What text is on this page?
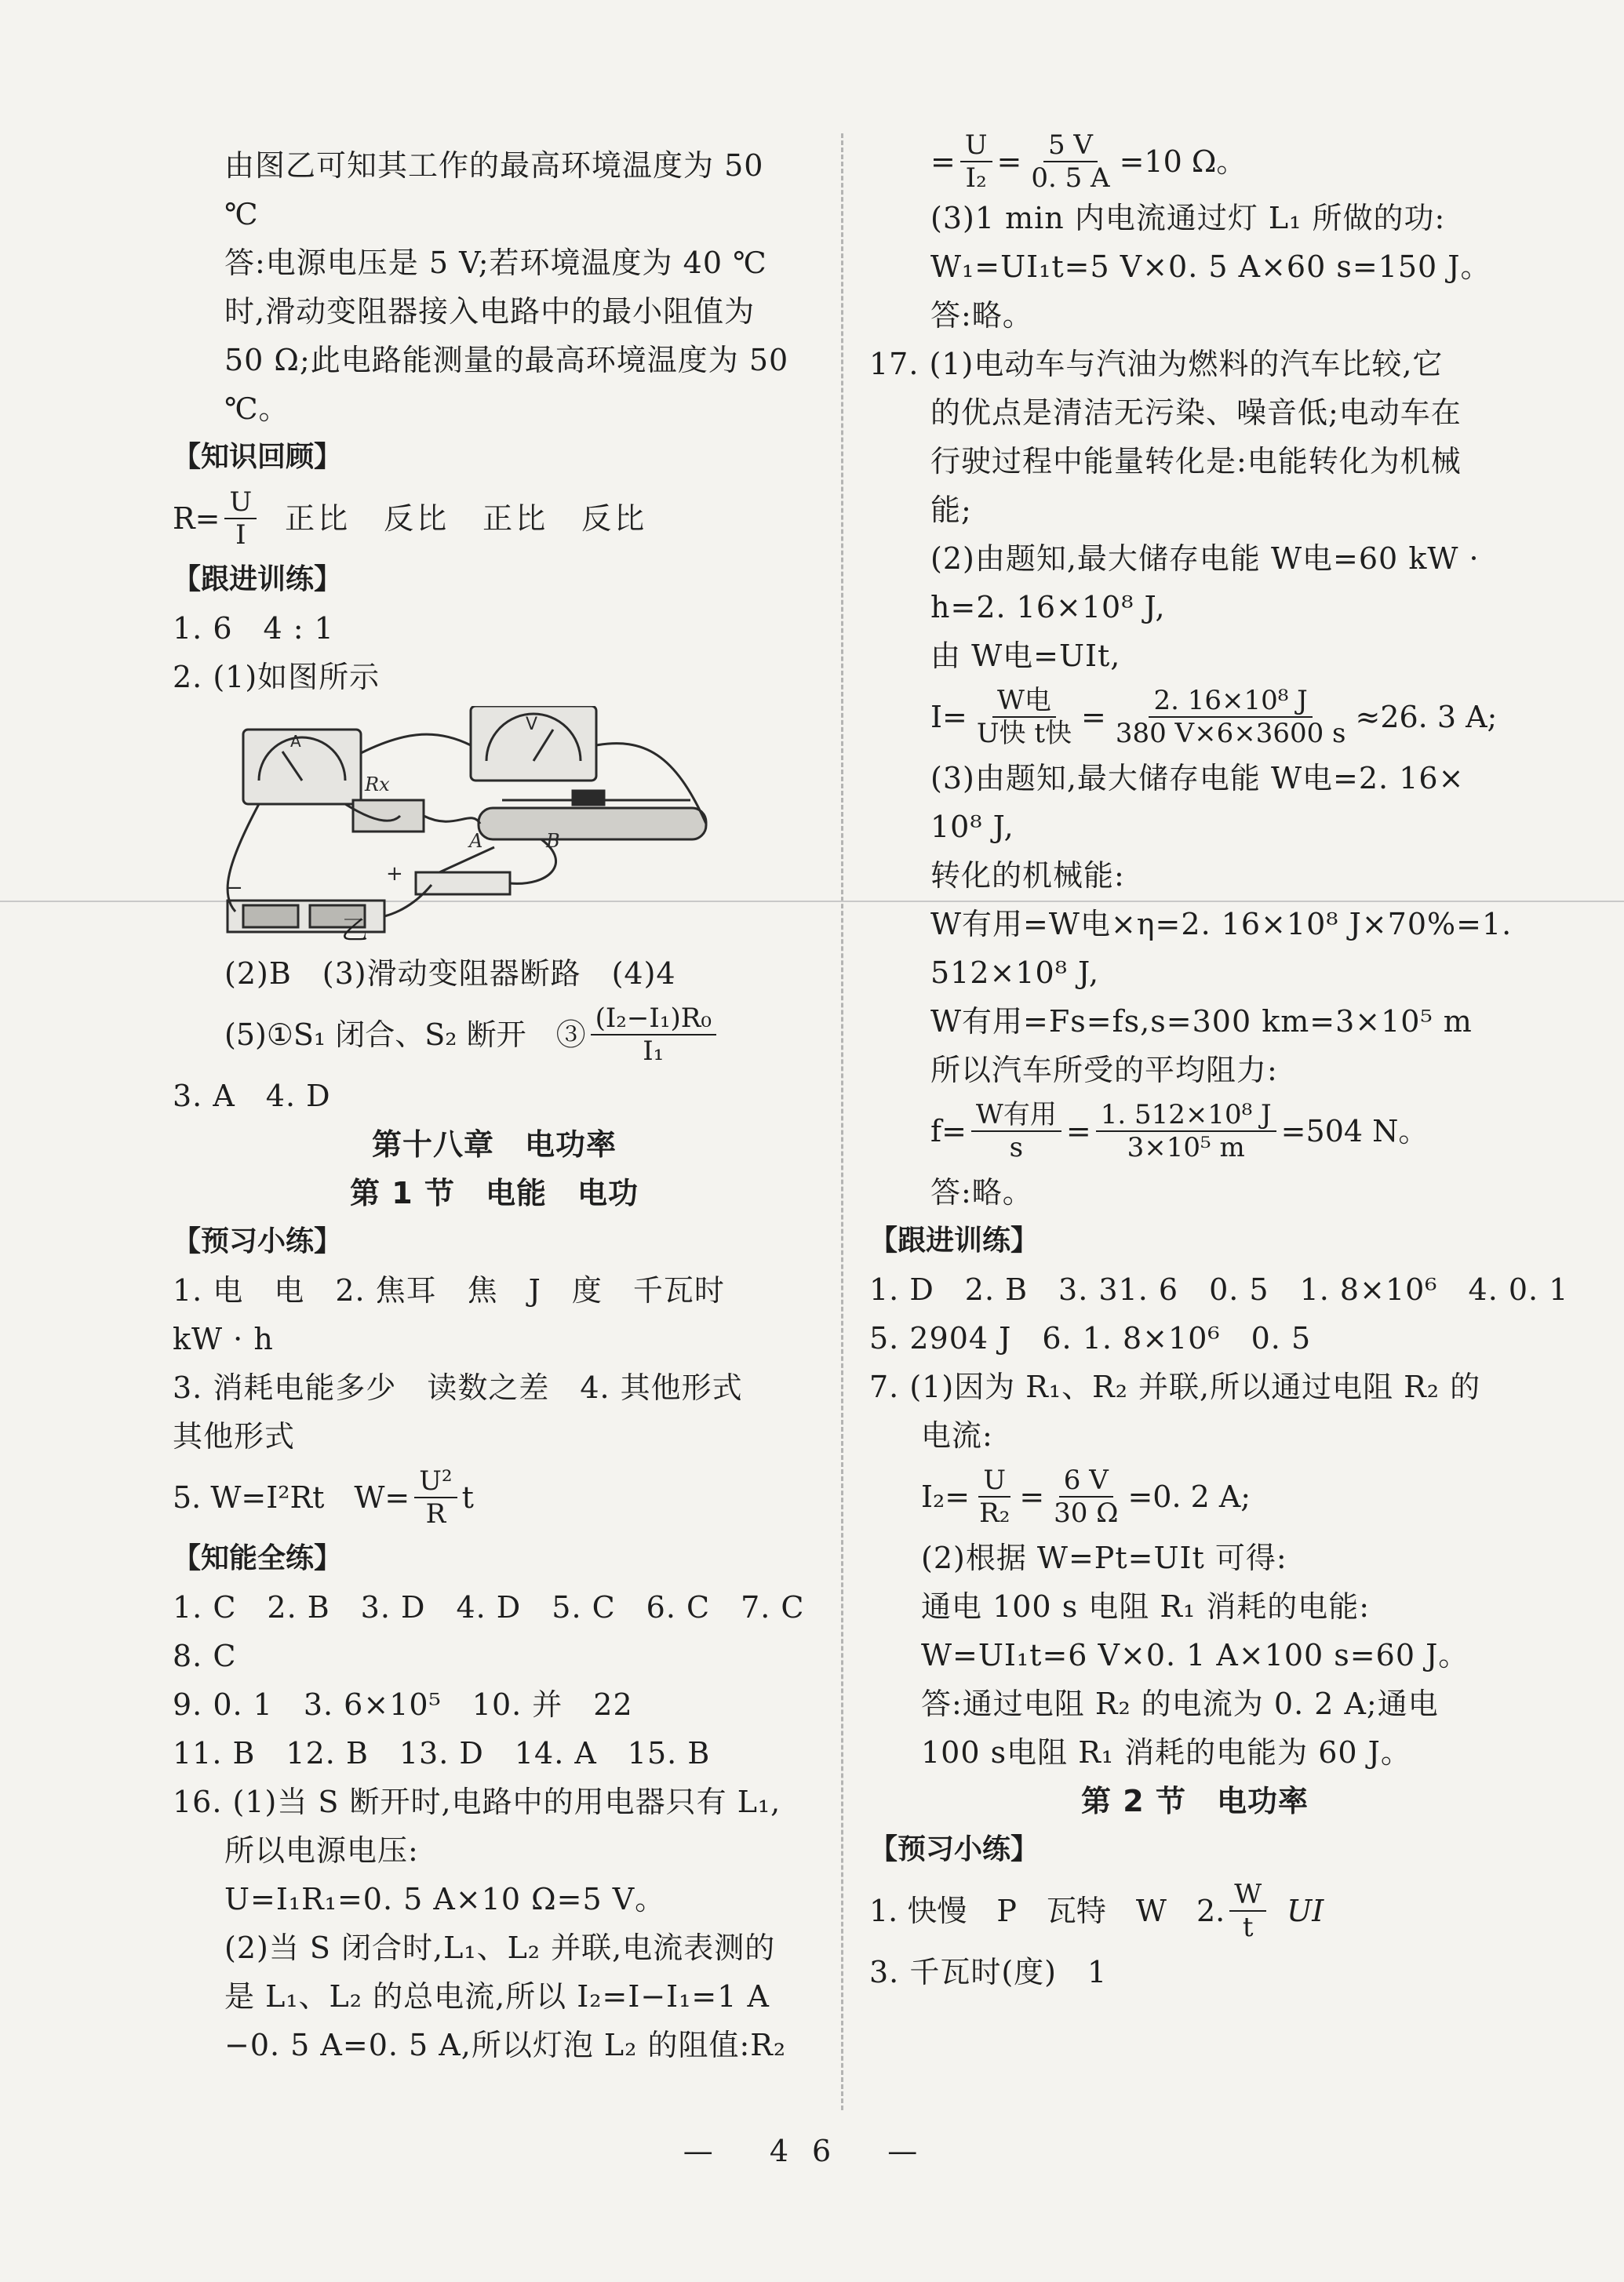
由图乙可知其工作的最高环境温度为 50
℃
答:电源电压是 5 V;若环境温度为 40 ℃
时,滑动变阻器接入电路中的最小阻值为
50 Ω;此电路能测量的最高环境温度为 50
℃。
【知识回顾】
$R= \frac{U}{I}$ 正比　反比　正比　反比
【跟进训练】
1. 6　4 : 1
2. (1)如图所示
A
V
Rx
A	B
+
−
乙
(2)B　(3)滑动变阻器断路　(4)4
(5)①S₁ 闭合、S₂ 断开　③ $\frac{\text{(I₂−I₁)R₀}}{\text{I₁}}$
3. A　4. D
第十八章　电功率
第 1 节　电能　电功
【预习小练】
1. 电　电　2. 焦耳　焦　J　度　千瓦时
kW · h
3. 消耗电能多少　读数之差　4. 其他形式
其他形式
5. W=I²Rt　$W= \frac{\text{U²}}{R}$ t
【知能全练】
1. C　2. B　3. D　4. D　5. C　6. C　7. C
8. C
9. 0. 1　3. 6×10⁵　10. 并　22
11. B　12. B　13. D　14. A　15. B
16. (1)当 S 断开时,电路中的用电器只有 L₁,
所以电源电压:
U=I₁R₁=0. 5 A×10 Ω=5 V。
(2)当 S 闭合时,L₁、L₂ 并联,电流表测的
是 L₁、L₂ 的总电流,所以 I₂=I−I₁=1 A
−0. 5 A=0. 5 A,所以灯泡 L₂ 的阻值:R₂
= $\frac{U}{\text{I₂}} = \frac{5 V}{0. 5 A} =10$ Ω。
(3)1 min 内电流通过灯 L₁ 所做的功:
W₁=UI₁t=5 V×0. 5 A×60 s=150 J。
答:略。
17. (1)电动车与汽油为燃料的汽车比较,它
的优点是清洁无污染、噪音低;电动车在
行驶过程中能量转化是:电能转化为机械
能;
(2)由题知,最大储存电能 W电=60 kW ·
h=2. 16×10⁸ J,
由 W电=UIt,
$I= \frac{\text{W电}}{\text{U快 t快}} = \frac{\text{2. 16×10⁸ J}}{380 V\times 6\times 3600 s} \approx 26$. 3 A;
(3)由题知,最大储存电能 W电=2. 16×
10⁸ J,
转化的机械能:
W有用=W电×η=2. 16×10⁸ J×70%=1.
512×10⁸ J,
W有用=Fs=fs,s=300 km=3×10⁵ m
所以汽车所受的平均阻力:
$f= \frac{\text{W有用}}{s} = \frac{\text{1. 512×10⁸ J}}{\text{3×10⁵ m}} =504$ N。
答:略。
【跟进训练】
1. D　2. B　3. 31. 6　0. 5　1. 8×10⁶　4. 0. 1
5. 2904 J　6. 1. 8×10⁶　0. 5
7. (1)因为 R₁、R₂ 并联,所以通过电阻 R₂ 的
电流:
$I_2= \frac{U}{\text{R₂}} = \frac{6 V}{30 \Omega} =0$. 2 A;
(2)根据 W=Pt=UIt 可得:
通电 100 s 电阻 R₁ 消耗的电能:
W=UI₁t=6 V×0. 1 A×100 s=60 J。
答:通过电阻 R₂ 的电流为 0. 2 A;通电
100 s电阻 R₁ 消耗的电能为 60 J。
第 2 节　电功率
【预习小练】
1. 快慢　P　瓦特　W　2. $\frac{W}{t}$ UI
3. 千瓦时(度)　1
— 46 —
